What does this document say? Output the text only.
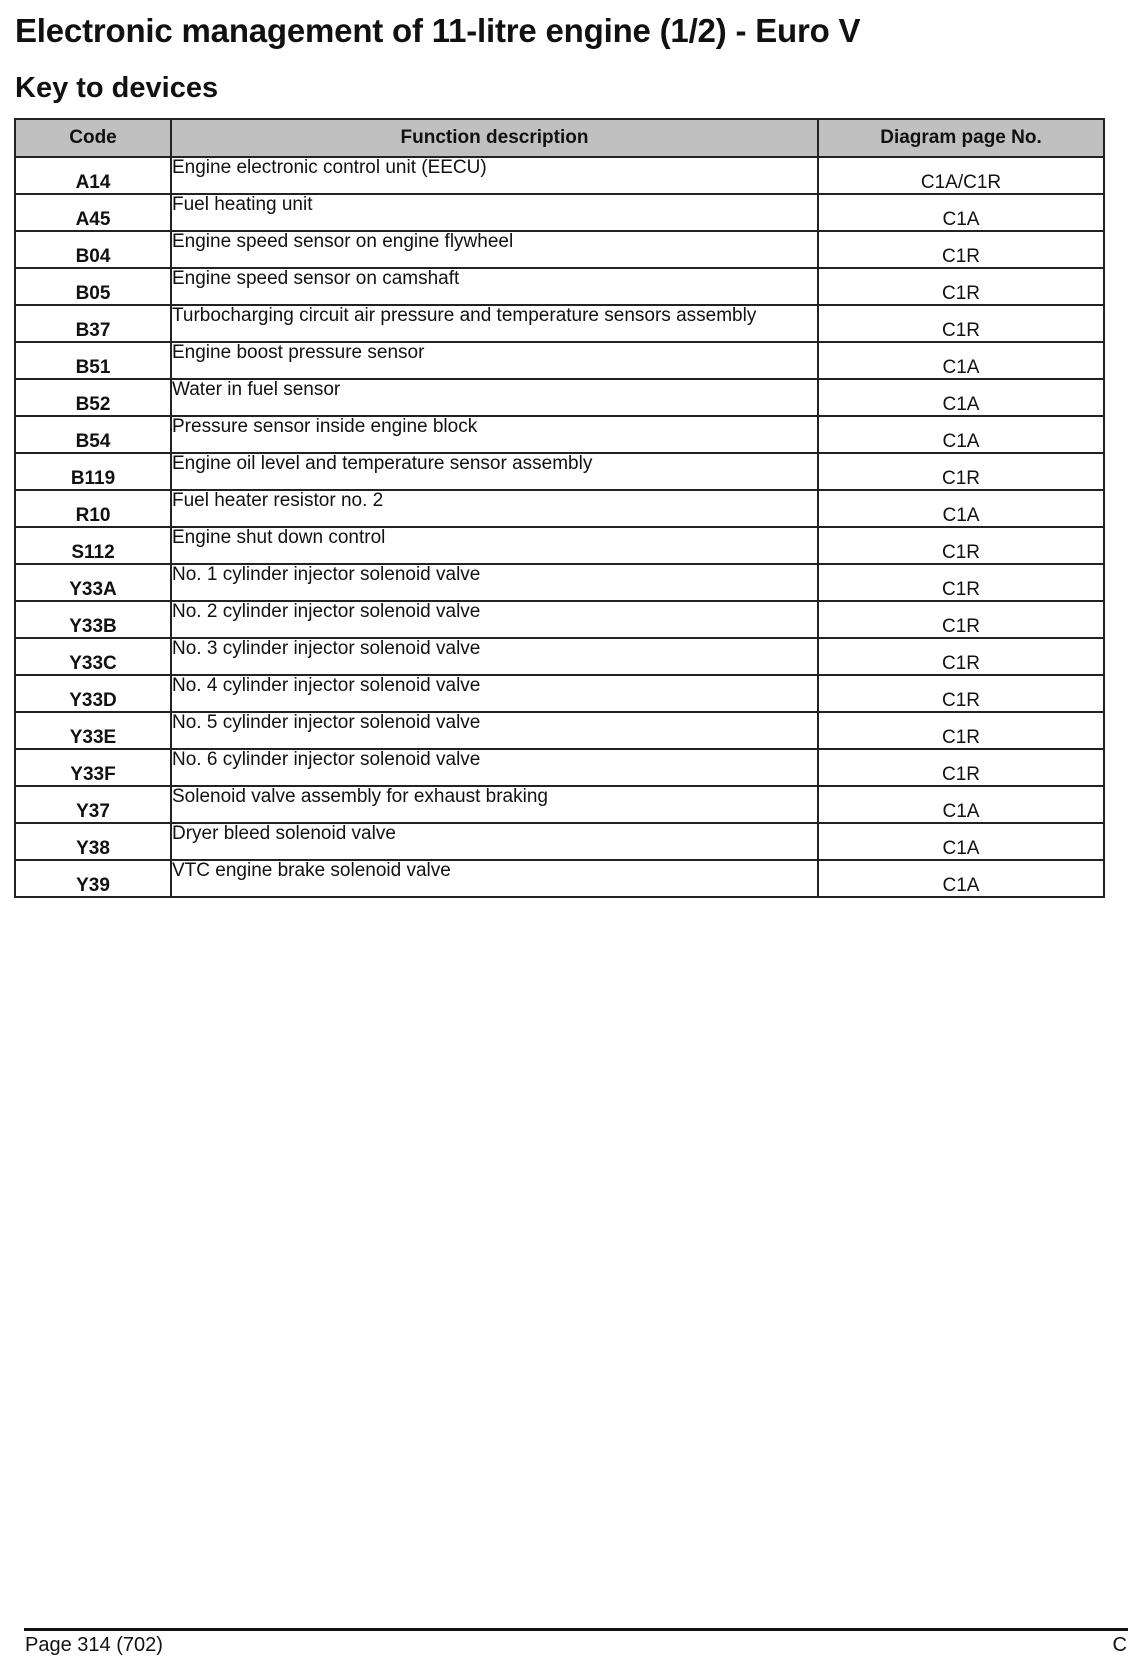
Electronic management of 11-litre engine (1/2) - Euro V
Key to devices
Code	Function description	Diagram page No.
A14	Engine electronic control unit (EECU)	C1A/C1R
A45	Fuel heating unit	C1A
B04	Engine speed sensor on engine flywheel	C1R
B05	Engine speed sensor on camshaft	C1R
B37	Turbocharging circuit air pressure and temperature sensors assembly	C1R
B51	Engine boost pressure sensor	C1A
B52	Water in fuel sensor	C1A
B54	Pressure sensor inside engine block	C1A
B119	Engine oil level and temperature sensor assembly	C1R
R10	Fuel heater resistor no. 2	C1A
S112	Engine shut down control	C1R
Y33A	No. 1 cylinder injector solenoid valve	C1R
Y33B	No. 2 cylinder injector solenoid valve	C1R
Y33C	No. 3 cylinder injector solenoid valve	C1R
Y33D	No. 4 cylinder injector solenoid valve	C1R
Y33E	No. 5 cylinder injector solenoid valve	C1R
Y33F	No. 6 cylinder injector solenoid valve	C1R
Y37	Solenoid valve assembly for exhaust braking	C1A
Y38	Dryer bleed solenoid valve	C1A
Y39	VTC engine brake solenoid valve	C1A
Page 314 (702)	C
